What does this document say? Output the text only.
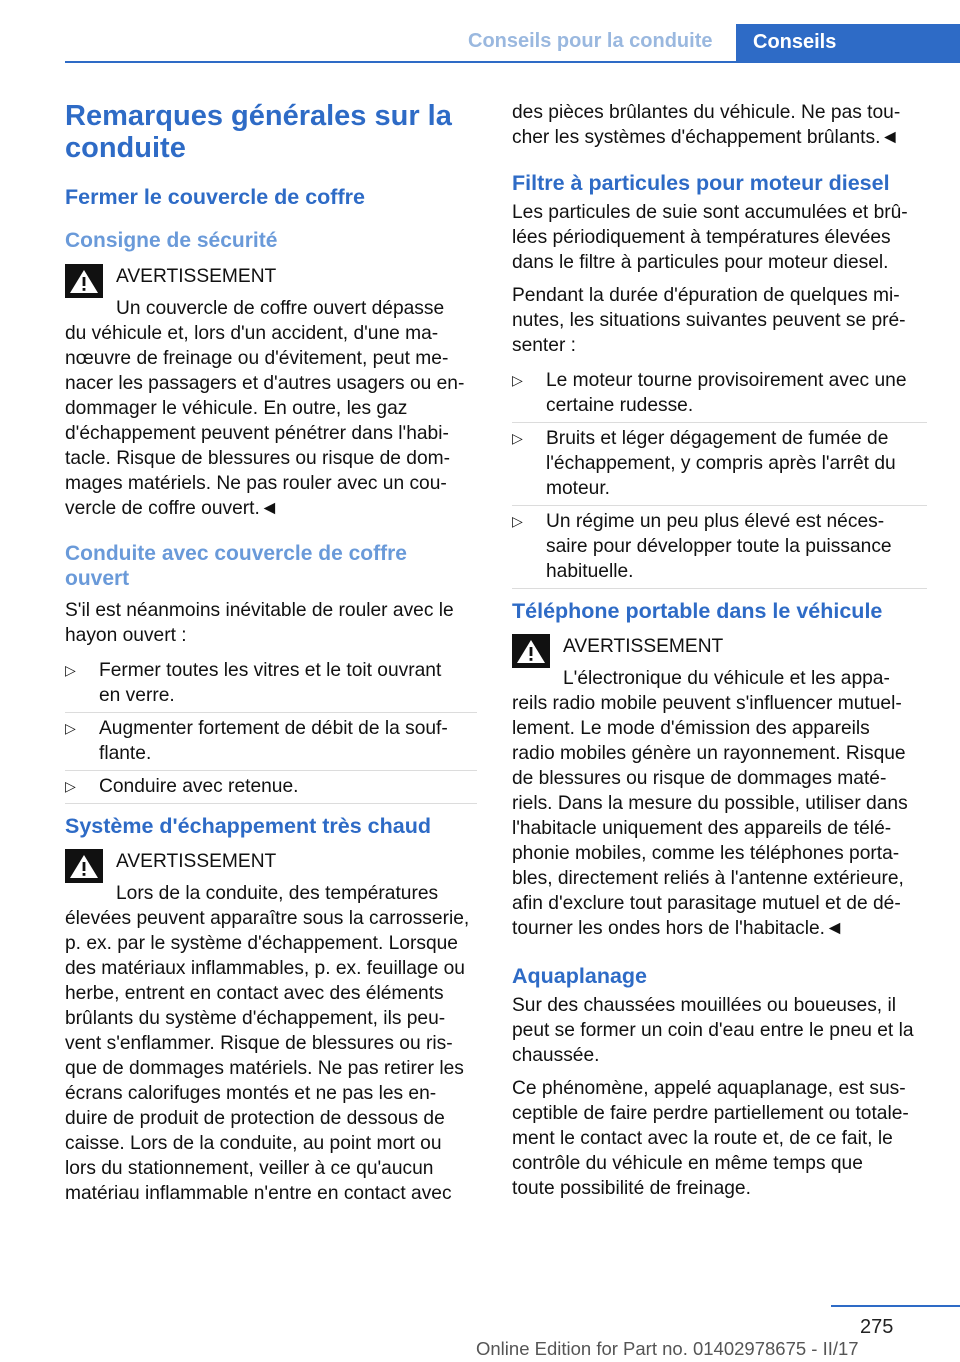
Conseils pour la conduite	Conseils
Remarques générales sur la
conduite
Fermer le couvercle de coffre
Consigne de sécurité
AVERTISSEMENT
Un couvercle de coffre ouvert dépasse
du véhicule et, lors d'un accident, d'une ma-
nœuvre de freinage ou d'évitement, peut me-
nacer les passagers et d'autres usagers ou en-
dommager le véhicule. En outre, les gaz
d'échappement peuvent pénétrer dans l'habi-
tacle. Risque de blessures ou risque de dom-
mages matériels. Ne pas rouler avec un cou-
vercle de coffre ouvert.◄
Conduite avec couvercle de coffre
ouvert

S'il est néanmoins inévitable de rouler avec le
hayon ouvert :

▷ Fermer toutes les vitres et le toit ouvrant
en verre.
▷ Augmenter fortement de débit de la souf-
flante.
▷ Conduire avec retenue.
Système d'échappement très chaud
AVERTISSEMENT
Lors de la conduite, des températures
élevées peuvent apparaître sous la carrosserie,
p. ex. par le système d'échappement. Lorsque
des matériaux inflammables, p. ex. feuillage ou
herbe, entrent en contact avec des éléments
brûlants du système d'échappement, ils peu-
vent s'enflammer. Risque de blessures ou ris-
que de dommages matériels. Ne pas retirer les
écrans calorifuges montés et ne pas les en-
duire de produit de protection de dessous de
caisse. Lors de la conduite, au point mort ou
lors du stationnement, veiller à ce qu'aucun
matériau inflammable n'entre en contact avec

des pièces brûlantes du véhicule. Ne pas tou-
cher les systèmes d'échappement brûlants.◄

Filtre à particules pour moteur diesel

Les particules de suie sont accumulées et brû-
lées périodiquement à températures élevées
dans le filtre à particules pour moteur diesel.

Pendant la durée d'épuration de quelques mi-
nutes, les situations suivantes peuvent se pré-
senter :

▷ Le moteur tourne provisoirement avec une
certaine rudesse.
▷ Bruits et léger dégagement de fumée de
l'échappement, y compris après l'arrêt du
moteur.
▷ Un régime un peu plus élevé est néces-
saire pour développer toute la puissance
habituelle.
Téléphone portable dans le véhicule
AVERTISSEMENT
L'électronique du véhicule et les appa-
reils radio mobile peuvent s'influencer mutuel-
lement. Le mode d'émission des appareils
radio mobiles génère un rayonnement. Risque
de blessures ou risque de dommages maté-
riels. Dans la mesure du possible, utiliser dans
l'habitacle uniquement des appareils de télé-
phonie mobiles, comme les téléphones porta-
bles, directement reliés à l'antenne extérieure,
afin d'exclure tout parasitage mutuel et de dé-
tourner les ondes hors de l'habitacle.◄
Aquaplanage

Sur des chaussées mouillées ou boueuses, il
peut se former un coin d'eau entre le pneu et la
chaussée.

Ce phénomène, appelé aquaplanage, est sus-
ceptible de faire perdre partiellement ou totale-
ment le contact avec la route et, de ce fait, le
contrôle du véhicule en même temps que
toute possibilité de freinage.

275
Online Edition for Part no. 01402978675 - II/17
